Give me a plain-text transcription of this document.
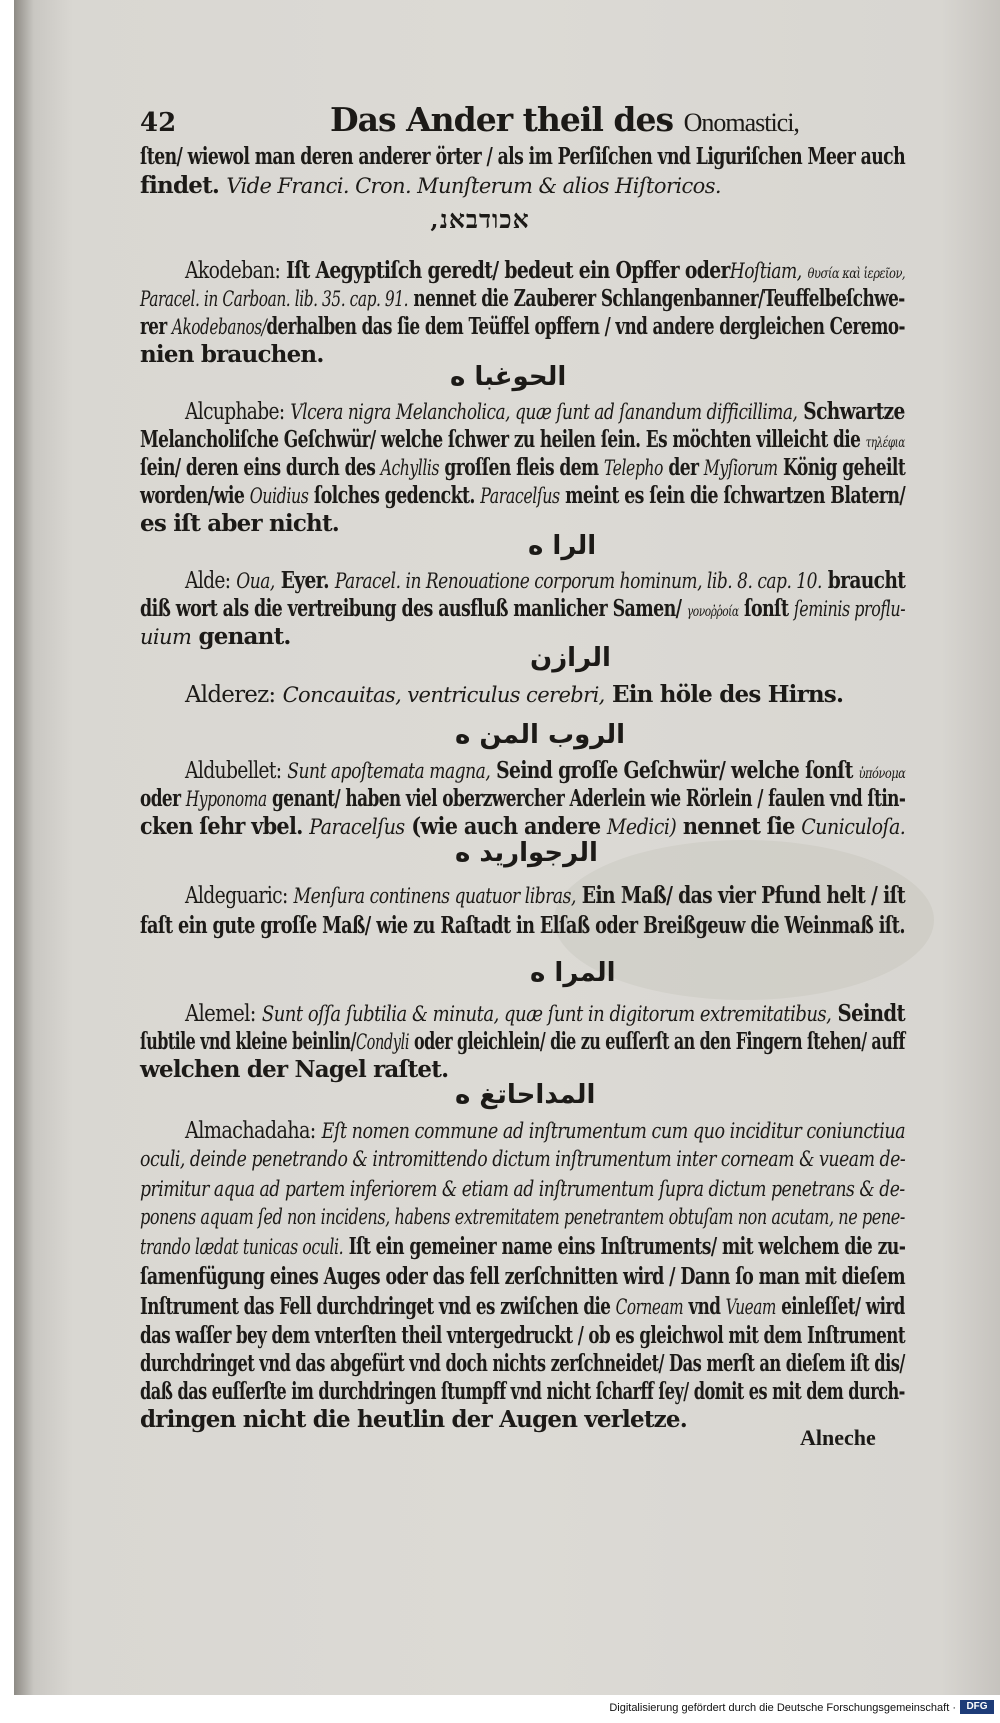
42	Das Ander theil des Onomastici,
ſten/ wiewol man deren anderer örter / als im Perſiſchen vnd Liguriſchen Meer auch
findet. Vide Franci. Cron. Munſterum & alios Hiſtoricos.
‚אכודבאנ
Akodeban: Iſt Aegyptiſch geredt/ bedeut ein Opffer oderHoſtiam, θυσία καὶ ἱερεῖον,
Paracel. in Carboan. lib. 35. cap. 91. nennet die Zauberer Schlangenbanner/Teuffelbeſchwe-
rer Akodebanos/derhalben das ſie dem Teüffel opffern / vnd andere dergleichen Ceremo-
nien brauchen.
الحوغبا ه
Alcuphabe: Vlcera nigra Melancholica, quæ ſunt ad ſanandum difficillima, Schwartze
Melancholiſche Geſchwür/ welche ſchwer zu heilen ſein. Es möchten villeicht die τηλέφια
ſein/ deren eins durch des Achyllis groſſen fleis dem Telepho der Myſiorum König geheilt
worden/wie Ouidius ſolches gedenckt. Paracelſus meint es ſein die ſchwartzen Blatern/
es iſt aber nicht.
الرا ه
Alde: Oua, Eyer. Paracel. in Renouatione corporum hominum, lib. 8. cap. 10. braucht
diß wort als die vertreibung des ausfluß manlicher Samen/ γονοῤῥοία ſonſt ſeminis proflu-
uium genant.
الرازن
Alderez: Concauitas, ventriculus cerebri, Ein höle des Hirns.
الروب المن ه
Aldubellet: Sunt apoſtemata magna, Seind groſſe Geſchwür/ welche ſonſt ὑπόνομα
oder Hyponoma genant/ haben viel oberzwercher Aderlein wie Rörlein / faulen vnd ſtin-
cken ſehr vbel. Paracelſus (wie auch andere Medici) nennet ſie Cuniculoſa.
الرجوارید ه
Aldeguaric: Menſura continens quatuor libras, Ein Maß/ das vier Pfund helt / iſt
faſt ein gute groſſe Maß/ wie zu Raſtadt in Elſaß oder Breißgeuw die Weinmaß iſt.
المرا ه
Alemel: Sunt oſſa ſubtilia & minuta, quæ ſunt in digitorum extremitatibus, Seindt
ſubtile vnd kleine beinlin/Condyli oder gleichlein/ die zu euſſerſt an den Fingern ſtehen/ auff
welchen der Nagel raſtet.
المداحاتغ ه
Almachadaha: Eſt nomen commune ad inſtrumentum cum quo inciditur coniunctiua
oculi, deinde penetrando & intromittendo dictum inſtrumentum inter corneam & vueam de-
primitur aqua ad partem inferiorem & etiam ad inſtrumentum ſupra dictum penetrans & de-
ponens aquam ſed non incidens, habens extremitatem penetrantem obtuſam non acutam, ne pene-
trando lædat tunicas oculi. Iſt ein gemeiner name eins Inſtruments/ mit welchem die zu-
ſamenfügung eines Auges oder das fell zerſchnitten wird / Dann ſo man mit dieſem
Inſtrument das Fell durchdringet vnd es zwiſchen die Corneam vnd Vueam einleſſet/ wird
das waſſer bey dem vnterſten theil vntergedruckt / ob es gleichwol mit dem Inſtrument
durchdringet vnd das abgefürt vnd doch nichts zerſchneidet/ Das merſt an dieſem iſt dis/
daß das euſſerſte im durchdringen ſtumpff vnd nicht ſcharff ſey/ domit es mit dem durch-
dringen nicht die heutlin der Augen verletze.
Alneche
Digitalisierung gefördert durch die Deutsche Forschungsgemeinschaft ·	DFG
